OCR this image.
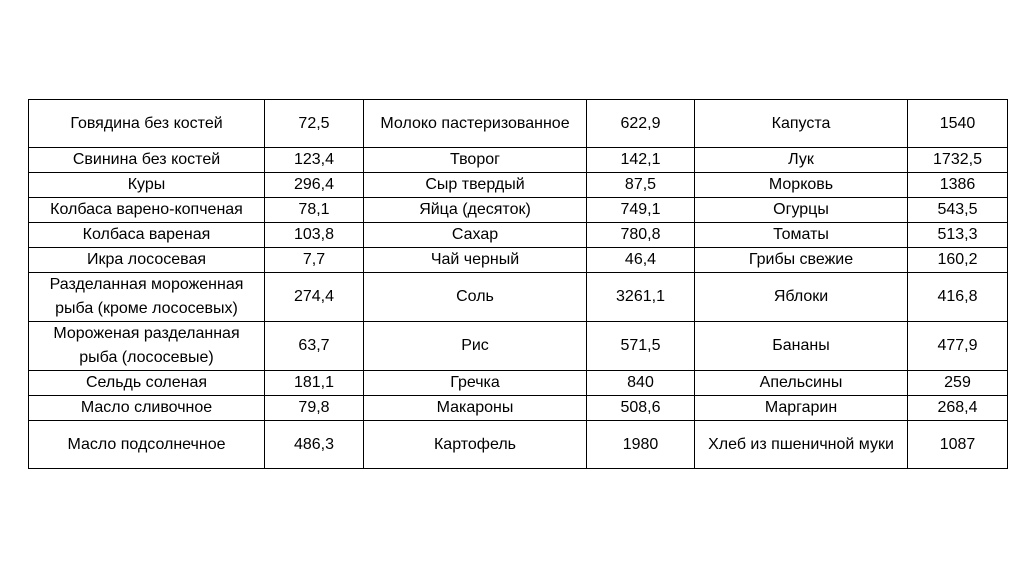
Говядина без костей	72,5	Молоко пастеризованное	622,9	Капуста	1540
Свинина без костей	123,4	Творог	142,1	Лук	1732,5
Куры	296,4	Сыр твердый	87,5	Морковь	1386
Колбаса варено-копченая	78,1	Яйца (десяток)	749,1	Огурцы	543,5
Колбаса вареная	103,8	Сахар	780,8	Томаты	513,3
Икра лососевая	7,7	Чай черный	46,4	Грибы свежие	160,2
Разделанная мороженная рыба (кроме лососевых)	274,4	Соль	3261,1	Яблоки	416,8
Мороженая разделанная рыба (лососевые)	63,7	Рис	571,5	Бананы	477,9
Сельдь соленая	181,1	Гречка	840	Апельсины	259
Масло сливочное	79,8	Макароны	508,6	Маргарин	268,4
Масло подсолнечное	486,3	Картофель	1980	Хлеб из пшеничной муки	1087
